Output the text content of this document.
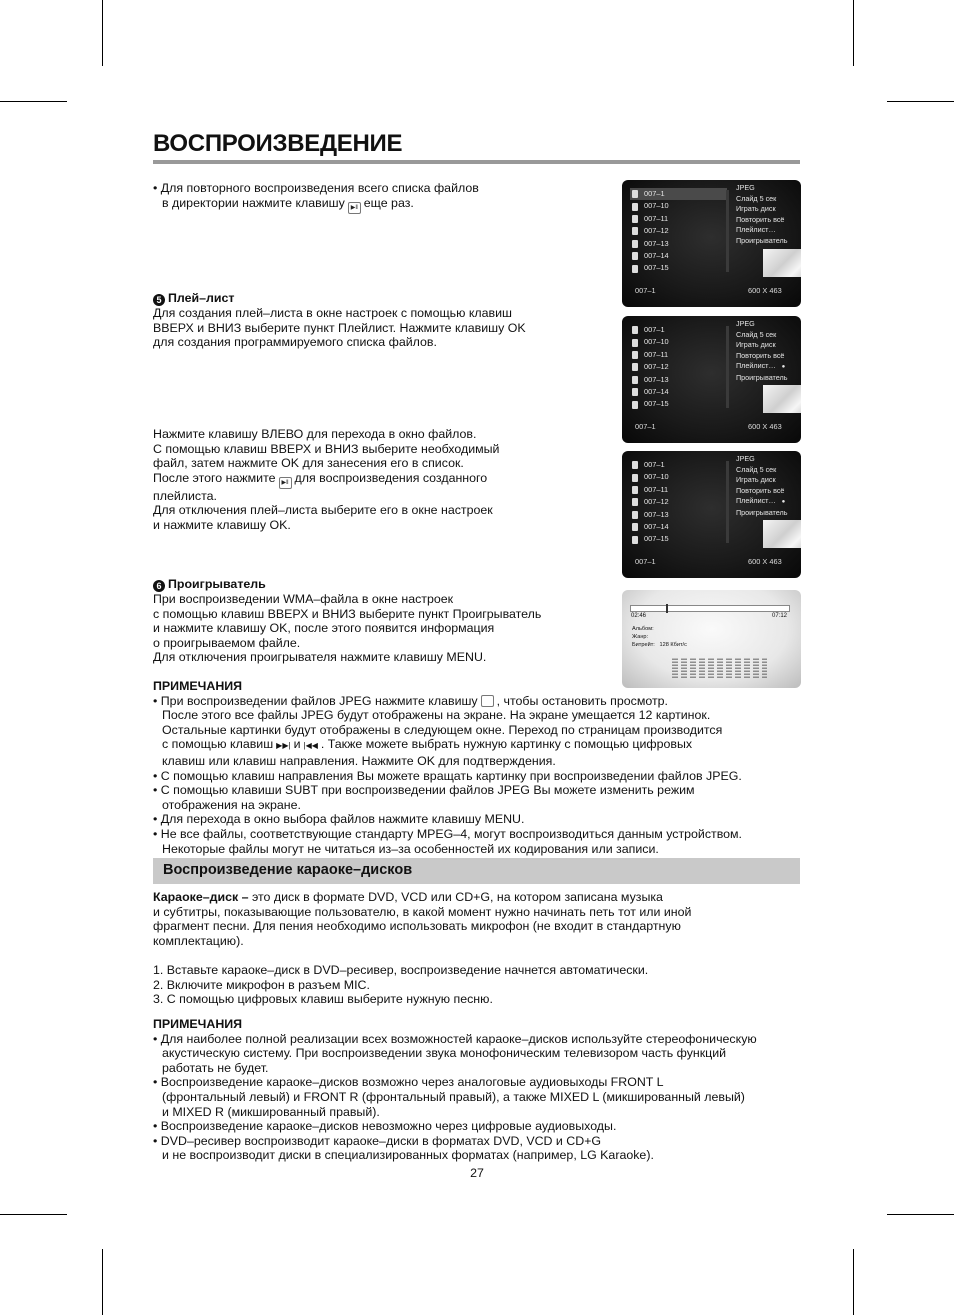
ВОСПРОИЗВЕДЕНИЕ

• Для повторного воспроизведения всего списка файлов

в директории нажмите клавишу ▶︎‖ еще раз.

5 Плей–лист

Для создания плей–листа в окне настроек с помощью клавиш

ВВЕРХ и ВНИЗ выберите пункт Плейлист. Нажмите клавишу OK

для создания программируемого списка файлов.

Нажмите клавишу ВЛЕВО для перехода в окно файлов.

С помощью клавиш ВВЕРХ и ВНИЗ выберите необходимый

файл, затем нажмите OK для занесения его в список.

После этого нажмите ▶︎‖ для воспроизведения созданного

плейлиста.

Для отключения плей–листа выберите его в окне настроек

и нажмите клавишу OK.

6 Проигрыватель

При воспроизведении WMA–файла в окне настроек

с помощью клавиш ВВЕРХ и ВНИЗ выберите пункт Проигрыватель

и нажмите клавишу OK, после этого появится информация

о проигрываемом файле.

Для отключения проигрывателя нажмите клавишу MENU.

ПРИМЕЧАНИЯ

• При воспроизведении файлов JPEG нажмите клавишу , чтобы остановить просмотр.

После этого все файлы JPEG будут отображены на экране. На экране умещается 12 картинок.

Остальные картинки будут отображены в следующем окне. Переход по страницам производится

с помощью клавиш ▶▶| и |◀◀ . Также можете выбрать нужную картинку с помощью цифровых

клавиш или клавиш направления. Нажмите OK для подтверждения.

• С помощью клавиш направления Вы можете вращать картинку при воспроизведении файлов JPEG.

• С помощью клавиши SUBT при воспроизведении файлов JPEG Вы можете изменить режим

отображения на экране.

• Для перехода в окно выбора файлов нажмите клавишу MENU.

• Не все файлы, соответствующие стандарту MPEG–4, могут воспроизводиться данным устройством.

Некоторые файлы могут не читаться из–за особенностей их кодирования или записи.

Воспроизведение караоке–дисков

Караоке–диск – это диск в формате DVD, VCD или CD+G, на котором записана музыка

и субтитры, показывающие пользователю, в какой момент нужно начинать петь тот или иной

фрагмент песни. Для пения необходимо использовать микрофон (не входит в стандартную

комплектацию).

1. Вставьте караоке–диск в DVD–ресивер, воспроизведение начнется автоматически.

2. Включите микрофон в разъем MIC.

3. С помощью цифровых клавиш выберите нужную песню.

ПРИМЕЧАНИЯ

• Для наиболее полной реализации всех возможностей караоке–дисков используйте стереофоническую

акустическую систему. При воспроизведении звука монофоническим телевизором часть функций

работать не будет.

• Воспроизведение караоке–дисков возможно через аналоговые аудиовыходы FRONT L

(фронтальный левый) и FRONT R (фронтальный правый), а также MIXED L (микшированный левый)

и MIXED R (микшированный правый).

• Воспроизведение караоке–дисков невозможно через цифровые аудиовыходы.

• DVD–ресивер воспроизводит караоке–диски в форматах DVD, VCD и CD+G

и не воспроизводит диски в специализированных форматах (например, LG Karaoke).

27
007–1
007–10
007–11
007–12
007–13
007–14
007–15
JPEG
Слайд 5 сек
Играть диск
Повторить всё
Плейлист…
Проигрыватель
007–1	600 X 463
007–1
007–10
007–11
007–12
007–13
007–14
007–15
JPEG
Слайд 5 сек
Играть диск
Повторить всё
Плейлист… ●
Проигрыватель
007–1	600 X 463
007–1
007–10
007–11
007–12
007–13
007–14
007–15
JPEG
Слайд 5 сек
Играть диск
Повторить всё
Плейлист… ●
Проигрыватель
007–1	600 X 463
02:46	07:12
Альбом:
Жанр:
Битрейт: 128 Кбит/с
